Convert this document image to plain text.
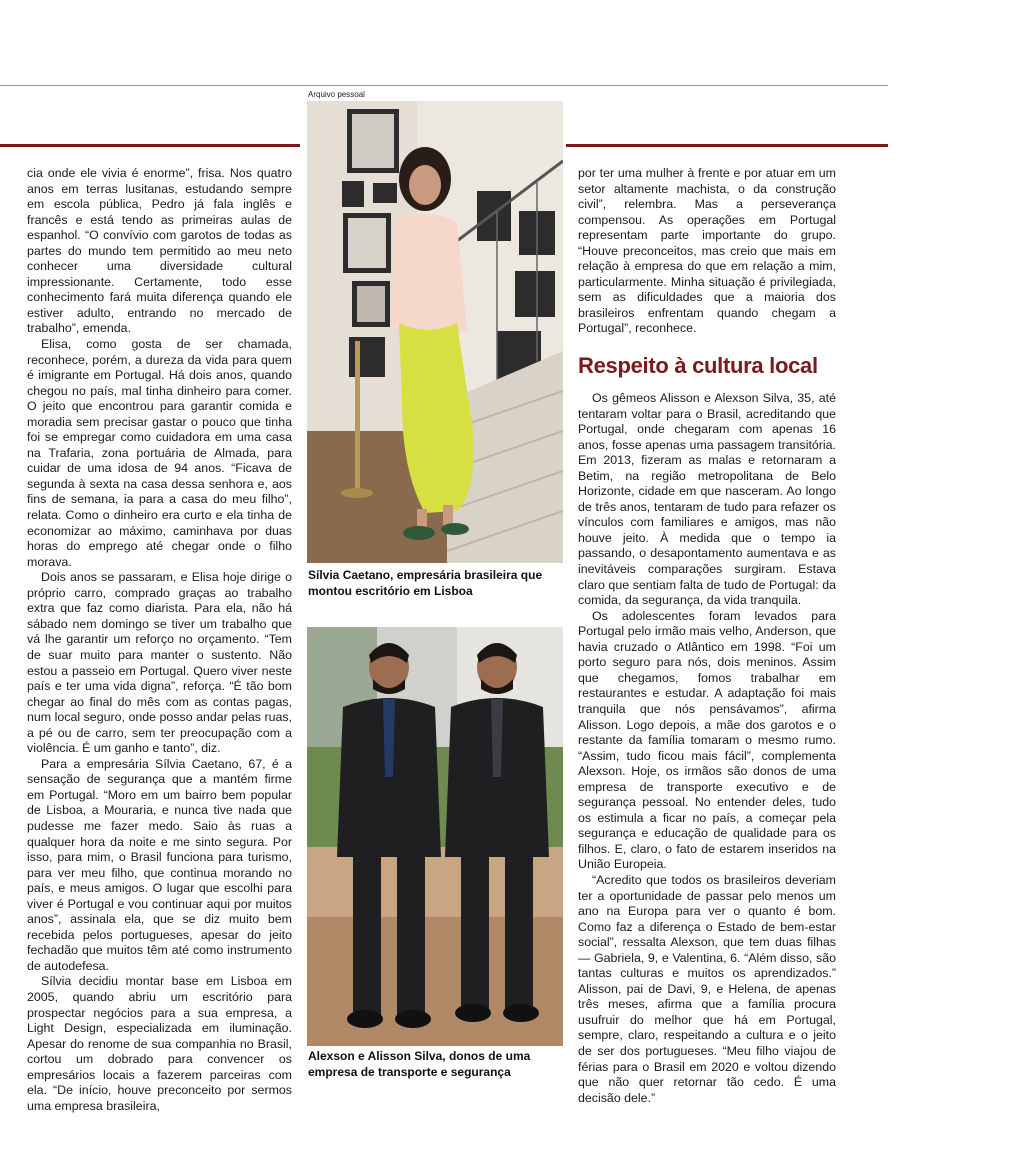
Arquivo pessoal

cia onde ele vivia é enorme”, frisa. Nos quatro anos em terras lusitanas, estudando sempre em escola pública, Pedro já fala inglês e francês e está tendo as primeiras aulas de espanhol. “O convívio com garotos de todas as partes do mundo tem permitido ao meu neto conhecer uma diversidade cultural impressionante. Certamente, todo esse conhecimento fará muita diferença quando ele estiver adulto, entrando no mercado de trabalho”, emenda.

Elisa, como gosta de ser chamada, reconhece, porém, a dureza da vida para quem é imigrante em Portugal. Há dois anos, quando chegou no país, mal tinha dinheiro para comer. O jeito que encontrou para garantir comida e moradia sem precisar gastar o pouco que tinha foi se empregar como cuidadora em uma casa na Trafaria, zona portuária de Almada, para cuidar de uma idosa de 94 anos. “Ficava de segunda à sexta na casa dessa senhora e, aos fins de semana, ia para a casa do meu filho”, relata. Como o dinheiro era curto e ela tinha de economizar ao máximo, caminhava por duas horas do emprego até chegar onde o filho morava.

Dois anos se passaram, e Elisa hoje dirige o próprio carro, comprado graças ao trabalho extra que faz como diarista. Para ela, não há sábado nem domingo se tiver um trabalho que vá lhe garantir um reforço no orçamento. “Tem de suar muito para manter o sustento. Não estou a passeio em Portugal. Quero viver neste país e ter uma vida digna”, reforça. “É tão bom chegar ao final do mês com as contas pagas, num local seguro, onde posso andar pelas ruas, a pé ou de carro, sem ter preocupação com a violência. É um ganho e tanto”, diz.

Para a empresária Sílvia Caetano, 67, é a sensação de segurança que a mantém firme em Portugal. “Moro em um bairro bem popular de Lisboa, a Mouraria, e nunca tive nada que pudesse me fazer medo. Saio às ruas a qualquer hora da noite e me sinto segura. Por isso, para mim, o Brasil funciona para turismo, para ver meu filho, que continua morando no país, e meus amigos. O lugar que escolhi para viver é Portugal e vou continuar aqui por muitos anos”, assinala ela, que se diz muito bem recebida pelos portugueses, apesar do jeito fechadão que muitos têm até como instrumento de autodefesa.

Sílvia decidiu montar base em Lisboa em 2005, quando abriu um escritório para prospectar negócios para a sua empresa, a Light Design, especializada em iluminação. Apesar do renome de sua companhia no Brasil, cortou um dobrado para convencer os empresários locais a fazerem parceiras com ela. “De início, houve preconceito por sermos uma empresa brasileira,

Sílvia Caetano, empresária brasileira que montou escritório em Lisboa
Alexson e Alisson Silva, donos de uma empresa de transporte e segurança

por ter uma mulher à frente e por atuar em um setor altamente machista, o da construção civil”, relembra. Mas a perseverança compensou. As operações em Portugal representam parte importante do grupo. “Houve preconceitos, mas creio que mais em relação à empresa do que em relação a mim, particularmente. Minha situação é privilegiada, sem as dificuldades que a maioria dos brasileiros enfrentam quando chegam a Portugal”, reconhece.

Respeito à cultura local

Os gêmeos Alisson e Alexson Silva, 35, até tentaram voltar para o Brasil, acreditando que Portugal, onde chegaram com apenas 16 anos, fosse apenas uma passagem transitória. Em 2013, fizeram as malas e retornaram a Betim, na região metropolitana de Belo Horizonte, cidade em que nasceram. Ao longo de três anos, tentaram de tudo para refazer os vínculos com familiares e amigos, mas não houve jeito. À medida que o tempo ia passando, o desapontamento aumentava e as inevitáveis comparações surgiram. Estava claro que sentiam falta de tudo de Portugal: da comida, da segurança, da vida tranquila.

Os adolescentes foram levados para Portugal pelo irmão mais velho, Anderson, que havia cruzado o Atlântico em 1998. “Foi um porto seguro para nós, dois meninos. Assim que chegamos, fomos trabalhar em restaurantes e estudar. A adaptação foi mais tranquila que nós pensávamos”, afirma Alisson. Logo depois, a mãe dos garotos e o restante da família tomaram o mesmo rumo. “Assim, tudo ficou mais fácil”, complementa Alexson. Hoje, os irmãos são donos de uma empresa de transporte executivo e de segurança pessoal. No entender deles, tudo os estimula a ficar no país, a começar pela segurança e educação de qualidade para os filhos. E, claro, o fato de estarem inseridos na União Europeia.

“Acredito que todos os brasileiros deveriam ter a oportunidade de passar pelo menos um ano na Europa para ver o quanto é bom. Como faz a diferença o Estado de bem-estar social”, ressalta Alexson, que tem duas filhas — Gabriela, 9, e Valentina, 6. “Além disso, são tantas culturas e muitos os aprendizados.” Alisson, pai de Davi, 9, e Helena, de apenas três meses, afirma que a família procura usufruir do melhor que há em Portugal, sempre, claro, respeitando a cultura e o jeito de ser dos portugueses. “Meu filho viajou de férias para o Brasil em 2020 e voltou dizendo que não quer retornar tão cedo. É uma decisão dele.”
